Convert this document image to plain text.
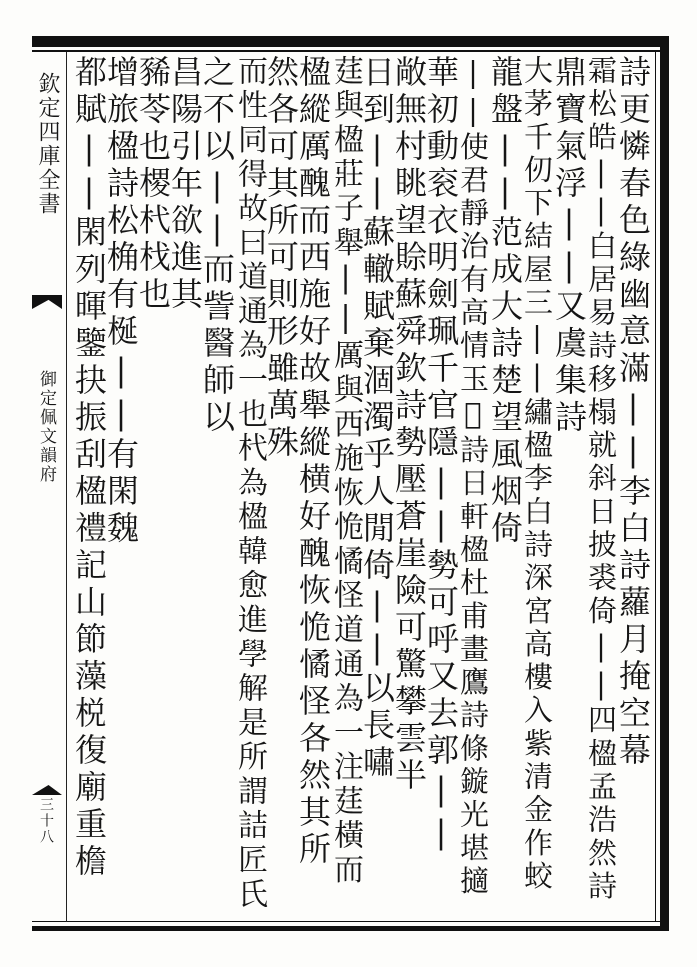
欽定四庫全書
御定佩文韻府
三十八
詩更憐春色綠幽意滿||李白詩蘿月掩空幕
霜松皓||白居易詩移榻就斜日披裘倚||四楹孟浩然詩
鼎寶氣浮||又虞集詩
大茅千仞下結屋三||繡楹李白詩深宮高樓入紫清金作蛟
龍盤||范成大詩楚望風烟倚
||使君靜治有高情玉𤼵詩日軒楹杜甫畫鷹詩條鏇光堪擿
華初動衮衣明劍珮千官隱||勢可呼又去郭||
敞無村眺望賒蘇舜欽詩勢壓蒼崖險可驚攀雲半
日到||蘇轍賦棄涸濁乎人閒倚||以長嘯
莛與楹莊子舉||厲與西施恢恑憰怪道通為一注莛橫而
楹縱厲醜而西施好故舉縱横好醜恢恑憰怪各然其所
然各可其所可則形雖萬殊
而性同得故曰道通為一也杙為楹韓愈進學解是所謂詰匠氏
之不以||而訾醫師以
昌陽引年欲進其
豨苓也㮨杙𣏾也
增旅楹詩松桷有梴||有閑魏
都賦||閑列暉鑒抉振刮楹禮記山節藻棁復廟重檐
